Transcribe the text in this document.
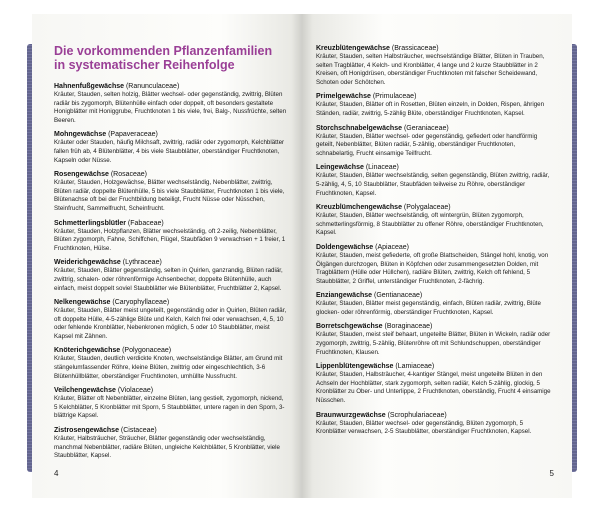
Die vorkommenden Pflanzenfamilien
in systematischer Reihenfolge
Hahnenfußgewächse (Ranunculaceae)
Kräuter, Stauden, selten holzig, Blätter wechsel- oder gegenständig, zwittrig, Blüten radiär bis zygomorph, Blütenhülle einfach oder doppelt, oft besonders gestaltete Honigblätter mit Honiggrube, Fruchtknoten 1 bis viele, frei, Balg-, Nussfrüchte, selten Beeren.
Mohngewächse (Papaveraceae)
Kräuter oder Stauden, häufig Milchsaft, zwittrig, radiär oder zygomorph, Kelchblätter fallen früh ab, 4 Blütenblätter, 4 bis viele Staubblätter, oberständiger Fruchtknoten, Kapseln oder Nüsse.
Rosengewächse (Rosaceae)
Kräuter, Stauden, Holzgewächse, Blätter wechselständig, Nebenblätter, zwittrig, Blüten radiär, doppelte Blütenhülle, 5 bis viele Staubblätter, Fruchtknoten 1 bis viele, Blütenachse oft bei der Fruchtbildung beteiligt, Frucht Nüsse oder Nüsschen, Steinfrucht, Sammelfrucht, Scheinfrucht.
Schmetterlingsblütler (Fabaceae)
Kräuter, Stauden, Holzpflanzen, Blätter wechselständig, oft 2-zeilig, Nebenblätter, Blüten zygomorph, Fahne, Schiffchen, Flügel, Staubfäden 9 verwachsen + 1 freier, 1 Fruchtknoten, Hülse.
Weiderichgewächse (Lythraceae)
Kräuter, Stauden, Blätter gegenständig, selten in Quirlen, ganzrandig, Blüten radiär, zwittrig, schalen- oder röhrenförmige Achsenbecher, doppelte Blütenhülle, auch einfach, meist doppelt soviel Staubblätter wie Blütenblätter, Fruchtblätter 2, Kapsel.
Nelkengewächse (Caryophyllaceae)
Kräuter, Stauden, Blätter meist ungeteilt, gegenständig oder in Quirlen, Blüten radiär, oft doppelte Hülle, 4-5-zählige Blüte und Kelch, Kelch frei oder verwachsen, 4, 5, 10 oder fehlende Kronblätter, Nebenkronen möglich, 5 oder 10 Staubblätter, meist Kapsel mit Zähnen.
Knöterichgewächse (Polygonaceae)
Kräuter, Stauden, deutlich verdickte Knoten, wechselständige Blätter, am Grund mit stängelumfassender Röhre, kleine Blüten, zwittrig oder eingeschlechtlich, 3-6 Blütenhüllblätter, oberständiger Fruchtknoten, umhüllte Nussfrucht.
Veilchengewächse (Violaceae)
Kräuter, Blätter oft Nebenblätter, einzelne Blüten, lang gestielt, zygomorph, nickend, 5 Kelchblätter, 5 Kronblätter mit Sporn, 5 Staubblätter, untere ragen in den Sporn, 3-blättrige Kapsel.
Zistrosengewächse (Cistaceae)
Kräuter, Halbsträucher, Sträucher, Blätter gegenständig oder wechselständig, manchmal Nebenblätter, radiäre Blüten, ungleiche Kelchblätter, 5 Kronblätter, viele Staubblätter, Kapsel.
4
Kreuzblütengewächse (Brassicaceae)
Kräuter, Stauden, selten Halbsträucher, wechselständige Blätter, Blüten in Trauben, selten Tragblätter, 4 Kelch- und Kronblätter, 4 lange und 2 kurze Staubblätter in 2 Kreisen, oft Honigdrüsen, oberständiger Fruchtknoten mit falscher Scheidewand, Schoten oder Schötchen.
Primelgewächse (Primulaceae)
Kräuter, Stauden, Blätter oft in Rosetten, Blüten einzeln, in Dolden, Rispen, ährigen Ständen, radiär, zwittrig, 5-zählig Blüte, oberständiger Fruchtknoten, Kapsel.
Storchschnabelgewächse (Geraniaceae)
Kräuter, Stauden, Blätter wechsel- oder gegenständig, gefiedert oder handförmig geteilt, Nebenblätter, Blüten radiär, 5-zählig, oberständiger Fruchtknoten, schnabelartig, Frucht einsamige Teilfrucht.
Leingewächse (Linaceae)
Kräuter, Stauden, Blätter wechselständig, selten gegenständig, Blüten zwittrig, radiär, 5-zählig, 4, 5, 10 Staubblätter, Staubfäden teilweise zu Röhre, oberständiger Fruchtknoten, Kapsel.
Kreuzblümchengewächse (Polygalaceae)
Kräuter, Stauden, Blätter wechselständig, oft wintergrün, Blüten zygomorph, schmetterlingsförmig, 8 Staubblätter zu offener Röhre, oberständiger Fruchtknoten, Kapsel.
Doldengewächse (Apiaceae)
Kräuter, Stauden, meist gefiederte, oft große Blattscheiden, Stängel hohl, knotig, von Ölgängen durchzogen, Blüten in Köpfchen oder zusammengesetzten Dolden, mit Tragblättern (Hülle oder Hüllchen), radiäre Blüten, zwittrig, Kelch oft fehlend, 5 Staubblätter, 2 Griffel, unterständiger Fruchtknoten, 2-fächrig.
Enziangewächse (Gentianaceae)
Kräuter, Stauden, Blätter meist gegenständig, einfach, Blüten radiär, zwittrig, Blüte glocken- oder röhrenförmig, oberständiger Fruchtknoten, Kapsel.
Borretschgewächse (Boraginaceae)
Kräuter, Stauden, meist steif behaart, ungeteilte Blätter, Blüten in Wickeln, radiär oder zygomorph, zwittrig, 5-zählig, Blütenröhre oft mit Schlundschuppen, oberständiger Fruchtknoten, Klausen.
Lippenblütengewächse (Lamiaceae)
Kräuter, Stauden, Halbsträucher, 4-kantiger Stängel, meist ungeteilte Blüten in den Achseln der Hochblätter, stark zygomorph, selten radiär, Kelch 5-zählig, glockig, 5 Kronblätter zu Ober- und Unterlippe, 2 Fruchtknoten, oberständig, Frucht 4 einsamige Nüsschen.
Braunwurzgewächse (Scrophulariaceae)
Kräuter, Stauden, Blätter wechsel- oder gegenständig, Blüten zygomorph, 5 Kronblätter verwachsen, 2-5 Staubblätter, oberständiger Fruchtknoten, Kapsel.
5
